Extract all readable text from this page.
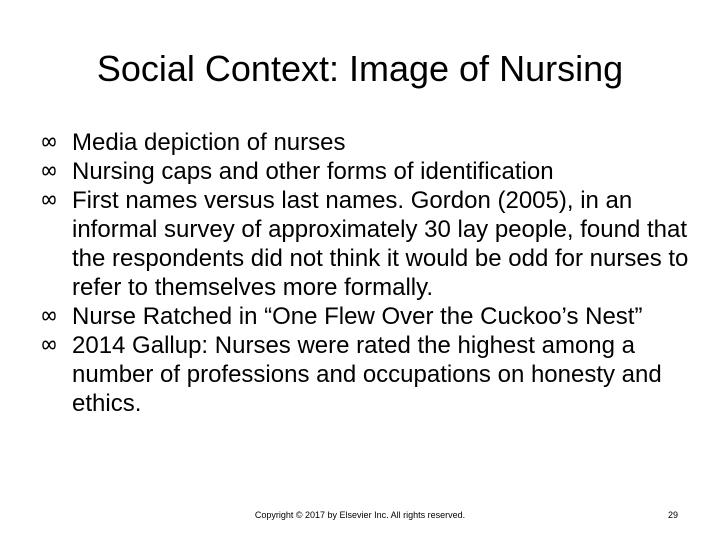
Social Context: Image of Nursing
Media depiction of nurses
Nursing caps and other forms of identification
First names versus last names. Gordon (2005), in an informal survey of approximately 30 lay people, found that the respondents did not think it would be odd for nurses to refer to themselves more formally.
Nurse Ratched in “One Flew Over the Cuckoo’s Nest”
2014 Gallup: Nurses were rated the highest among a number of professions and occupations on honesty and ethics.
Copyright © 2017 by Elsevier Inc. All rights reserved.	29
